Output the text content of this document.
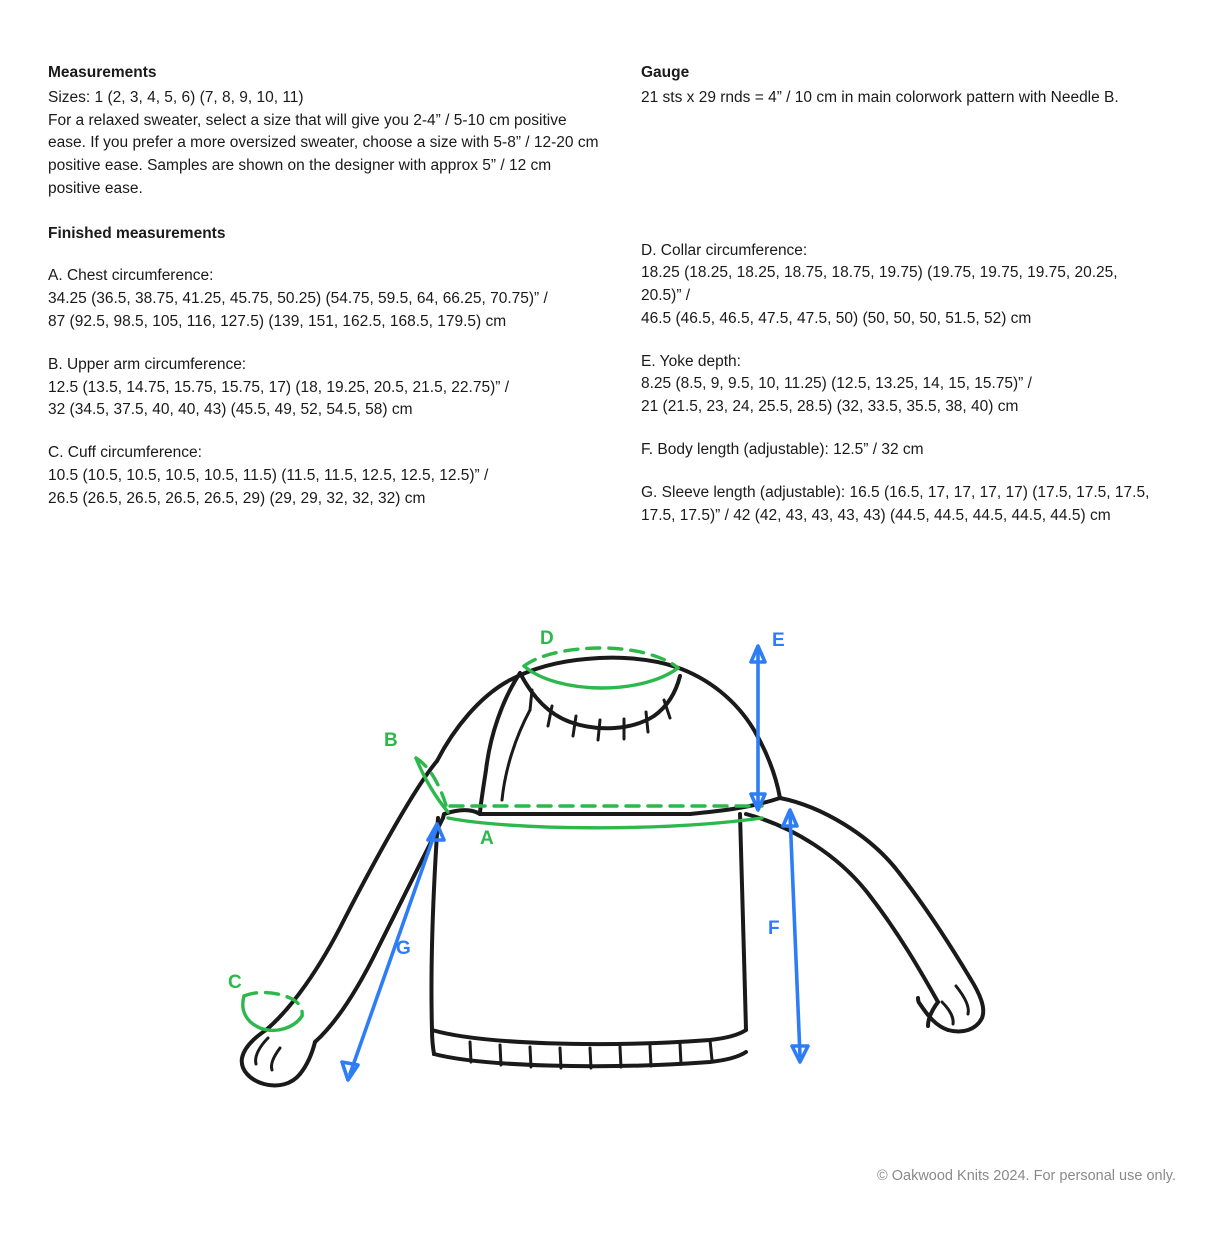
Measurements

Sizes: 1 (2, 3, 4, 5, 6) (7, 8, 9, 10, 11)

For a relaxed sweater, select a size that will give you 2-4” / 5-10 cm positive ease. If you prefer a more oversized sweater, choose a size with 5-8” / 12-20 cm positive ease. Samples are shown on the designer with approx 5” / 12 cm positive ease.

Finished measurements

A. Chest circumference:

34.25 (36.5, 38.75, 41.25, 45.75, 50.25) (54.75, 59.5, 64, 66.25, 70.75)” /

87 (92.5, 98.5, 105, 116, 127.5) (139, 151, 162.5, 168.5, 179.5) cm

B. Upper arm circumference:

12.5 (13.5, 14.75, 15.75, 15.75, 17) (18, 19.25, 20.5, 21.5, 22.75)” /

32 (34.5, 37.5, 40, 40, 43) (45.5, 49, 52, 54.5, 58) cm

C. Cuff circumference:

10.5 (10.5, 10.5, 10.5, 10.5, 11.5) (11.5, 11.5, 12.5, 12.5, 12.5)” /

26.5 (26.5, 26.5, 26.5, 26.5, 29) (29, 29, 32, 32, 32) cm

Gauge

21 sts x 29 rnds = 4” / 10 cm in main colorwork pattern with Needle B.

D. Collar circumference:

18.25 (18.25, 18.25, 18.75, 18.75, 19.75) (19.75, 19.75, 19.75, 20.25, 20.5)” /

46.5 (46.5, 46.5, 47.5, 47.5, 50) (50, 50, 50, 51.5, 52) cm

E. Yoke depth:

8.25 (8.5, 9, 9.5, 10, 11.25) (12.5, 13.25, 14, 15, 15.75)” /

21 (21.5, 23, 24, 25.5, 28.5) (32, 33.5, 35.5, 38, 40) cm

F. Body length (adjustable): 12.5” / 32 cm

G. Sleeve length (adjustable): 16.5 (16.5, 17, 17, 17, 17) (17.5, 17.5, 17.5, 17.5, 17.5)” / 42 (42, 43, 43, 43, 43) (44.5, 44.5, 44.5, 44.5, 44.5) cm

D	E
B
A
F
G
C
© Oakwood Knits 2024. For personal use only.
